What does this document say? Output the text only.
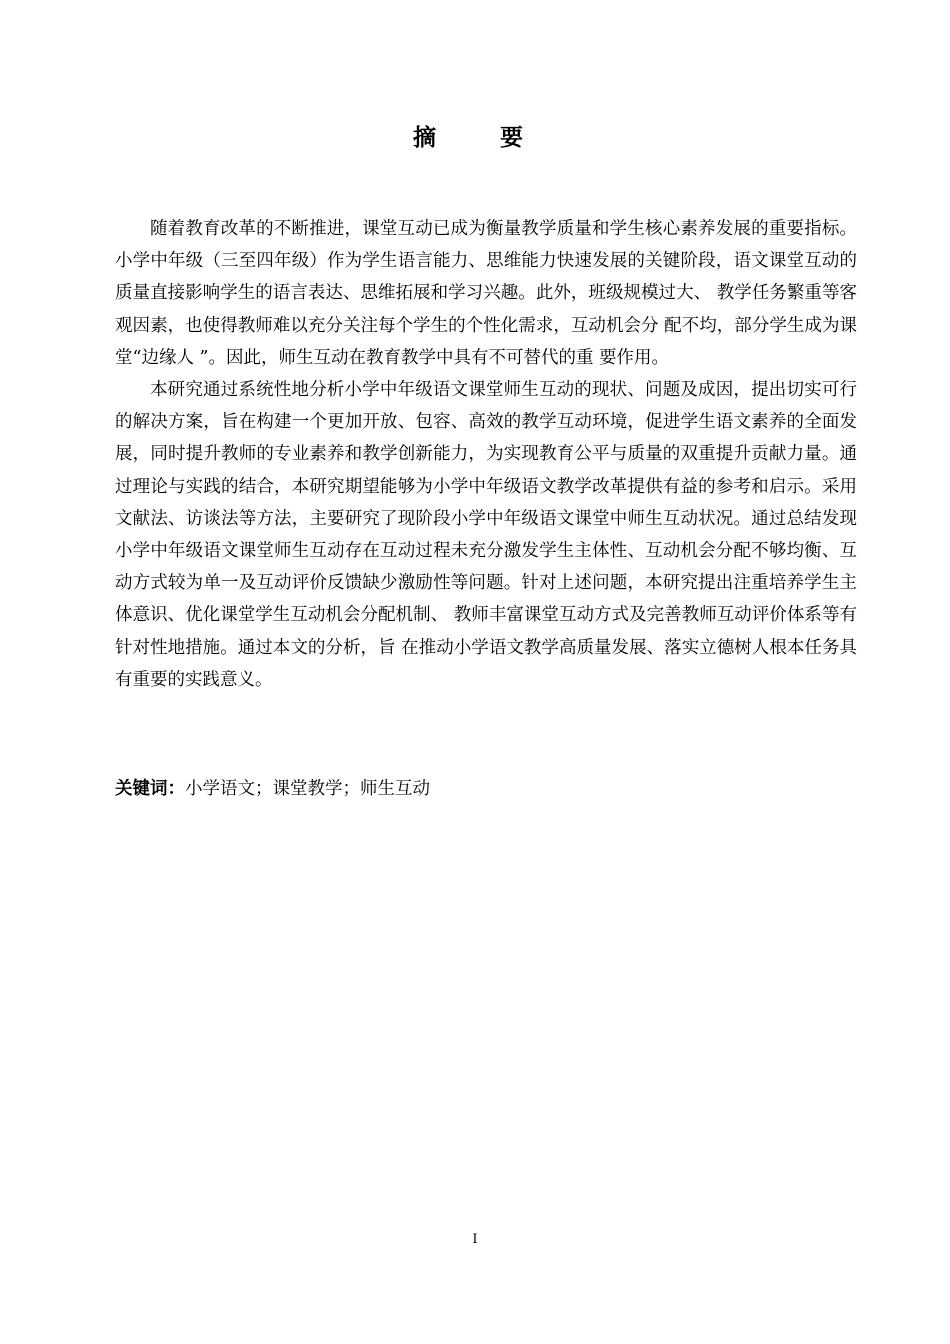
摘 要

随着教育改革的不断推进，课堂互动已成为衡量教学质量和学生核心素养发展的重要指标。小学中年级（三至四年级）作为学生语言能力、思维能力快速发展的关键阶段，语文课堂互动的质量直接影响学生的语言表达、思维拓展和学习兴趣。此外，班级规模过大、 教学任务繁重等客观因素，也使得教师难以充分关注每个学生的个性化需求，互动机会分 配不均，部分学生成为课堂“边缘人 ”。因此，师生互动在教育教学中具有不可替代的重 要作用。

本研究通过系统性地分析小学中年级语文课堂师生互动的现状、问题及成因，提出切实可行的解决方案，旨在构建一个更加开放、包容、高效的教学互动环境，促进学生语文素养的全面发展，同时提升教师的专业素养和教学创新能力，为实现教育公平与质量的双重提升贡献力量。通过理论与实践的结合，本研究期望能够为小学中年级语文教学改革提供有益的参考和启示。采用文献法、访谈法等方法，主要研究了现阶段小学中年级语文课堂中师生互动状况。通过总结发现小学中年级语文课堂师生互动存在互动过程未充分激发学生主体性、互动机会分配不够均衡、互动方式较为单一及互动评价反馈缺少激励性等问题。针对上述问题，本研究提出注重培养学生主体意识、优化课堂学生互动机会分配机制、 教师丰富课堂互动方式及完善教师互动评价体系等有针对性地措施。通过本文的分析，旨 在推动小学语文教学高质量发展、落实立德树人根本任务具有重要的实践意义。

关键词：小学语文；课堂教学；师生互动
I
